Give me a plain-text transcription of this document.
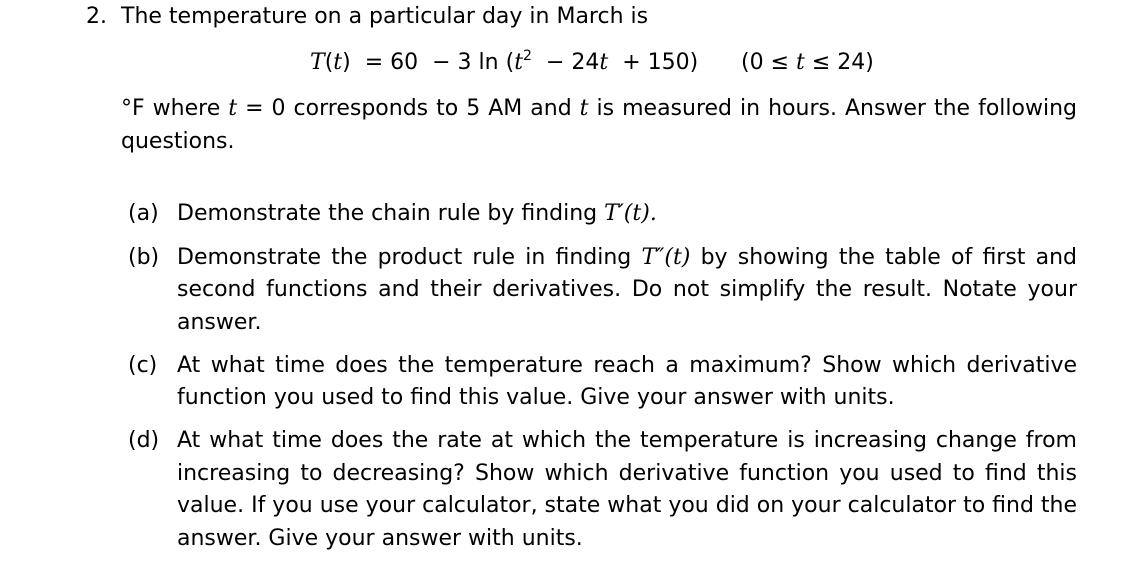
2. The temperature on a particular day in March is
T(t)  = 60  − 3 $\ln (t^2 - 24t + 150) (0 \le t \le 24)$
°F where t = 0 corresponds to 5 AM and t is measured in hours. Answer the following
questions.
(a) Demonstrate the chain rule by finding T′(t).
(b) Demonstrate the product rule in finding T″(t) by showing the table of first and
second functions and their derivatives. Do not simplify the result. Notate your
answer.
(c) At what time does the temperature reach a maximum? Show which derivative
function you used to find this value. Give your answer with units.
(d) At what time does the rate at which the temperature is increasing change from
increasing to decreasing? Show which derivative function you used to find this
value. If you use your calculator, state what you did on your calculator to find the
answer. Give your answer with units.
